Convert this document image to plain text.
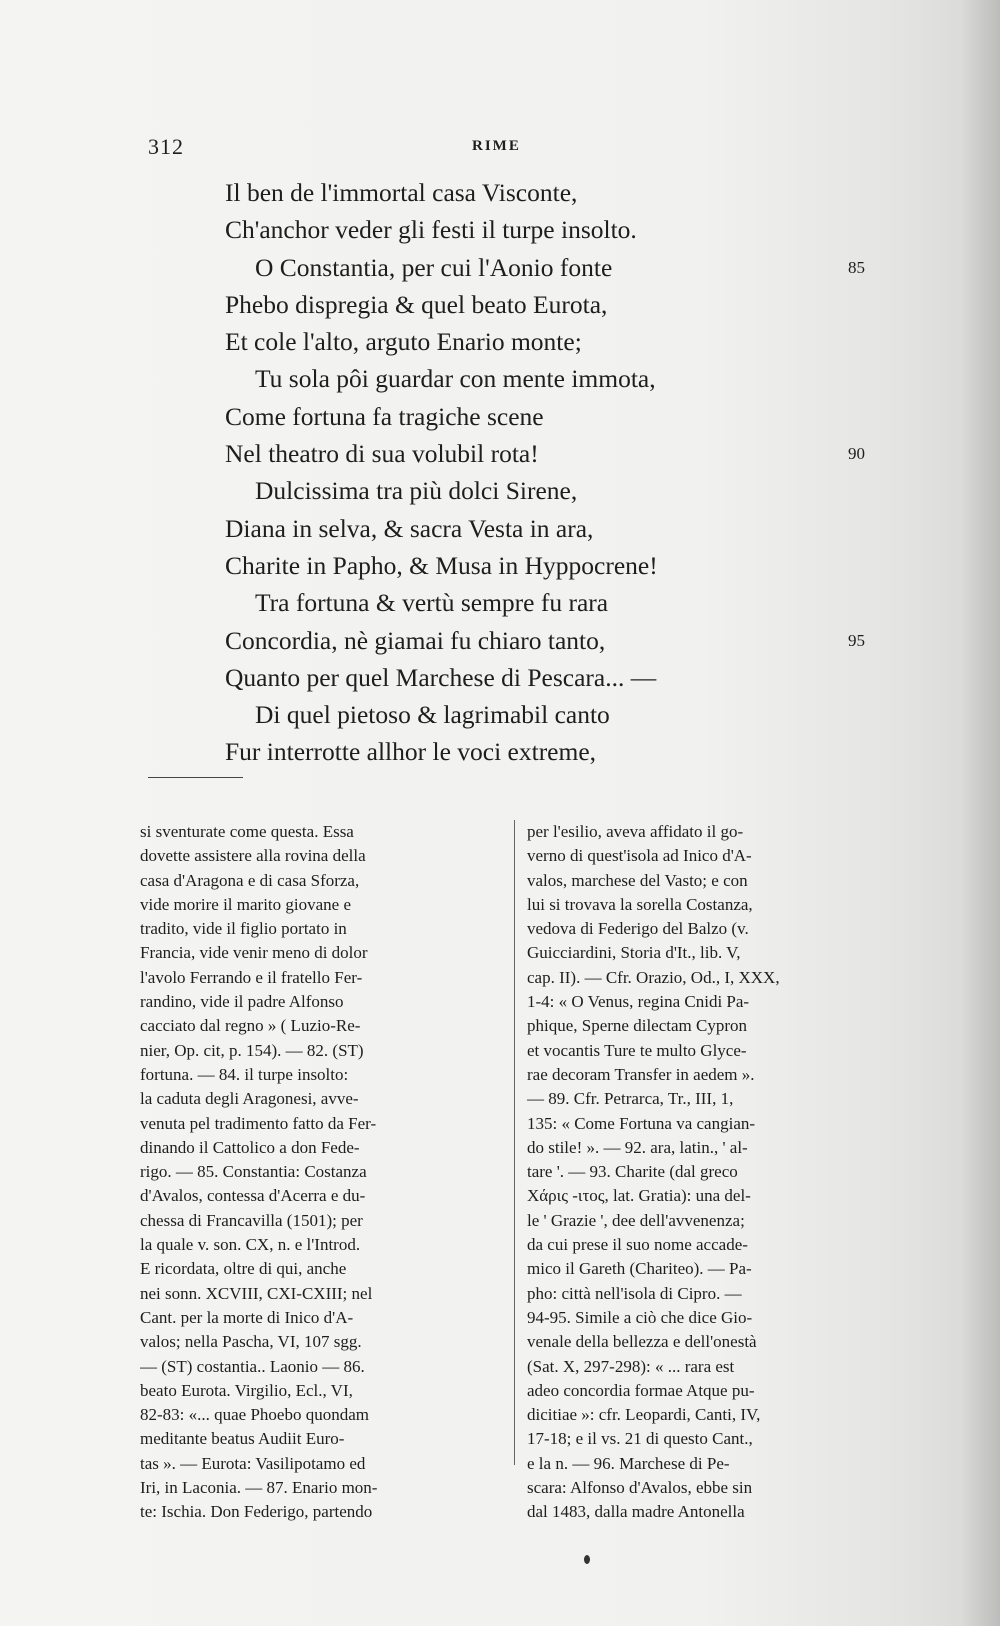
312	RIME
Il ben de l'immortal casa Visconte,
Ch'anchor veder gli festi il turpe insolto.
O Constantia, per cui l'Aonio fonte
Phebo dispregia & quel beato Eurota,
Et cole l'alto, arguto Enario monte;
Tu sola pôi guardar con mente immota,
Come fortuna fa tragiche scene
Nel theatro di sua volubil rota!
Dulcissima tra più dolci Sirene,
Diana in selva, & sacra Vesta in ara,
Charite in Papho, & Musa in Hyppocrene!
Tra fortuna & vertù sempre fu rara
Concordia, nè giamai fu chiaro tanto,
Quanto per quel Marchese di Pescara... —
Di quel pietoso & lagrimabil canto
Fur interrotte allhor le voci extreme,
85
90
95
si sventurate come questa. Essa
dovette assistere alla rovina della
casa d'Aragona e di casa Sforza,
vide morire il marito giovane e
tradito, vide il figlio portato in
Francia, vide venir meno di dolor
l'avolo Ferrando e il fratello Fer-
randino, vide il padre Alfonso
cacciato dal regno » ( Luzio-Re-
nier, Op. cit, p. 154). — 82. (ST)
fortuna. — 84. il turpe insolto:
la caduta degli Aragonesi, avve-
venuta pel tradimento fatto da Fer-
dinando il Cattolico a don Fede-
rigo. — 85. Constantia: Costanza
d'Avalos, contessa d'Acerra e du-
chessa di Francavilla (1501); per
la quale v. son. CX, n. e l'Introd.
E ricordata, oltre di qui, anche
nei sonn. XCVIII, CXI-CXIII; nel
Cant. per la morte di Inico d'A-
valos; nella Pascha, VI, 107 sgg.
— (ST) costantia.. Laonio — 86.
beato Eurota. Virgilio, Ecl., VI,
82-83: «... quae Phoebo quondam
meditante beatus Audiit Euro-
tas ». — Eurota: Vasilipotamo ed
Iri, in Laconia. — 87. Enario mon-
te: Ischia. Don Federigo, partendo
per l'esilio, aveva affidato il go-
verno di quest'isola ad Inico d'A-
valos, marchese del Vasto; e con
lui si trovava la sorella Costanza,
vedova di Federigo del Balzo (v.
Guicciardini, Storia d'It., lib. V,
cap. II). — Cfr. Orazio, Od., I, XXX,
1-4: « O Venus, regina Cnidi Pa-
phique, Sperne dilectam Cypron
et vocantis Ture te multo Glyce-
rae decoram Transfer in aedem ».
— 89. Cfr. Petrarca, Tr., III, 1,
135: « Come Fortuna va cangian-
do stile! ». — 92. ara, latin., ' al-
tare '. — 93. Charite (dal greco
Χάρις -ιτος, lat. Gratia): una del-
le ' Grazie ', dee dell'avvenenza;
da cui prese il suo nome accade-
mico il Gareth (Chariteo). — Pa-
pho: città nell'isola di Cipro. —
94-95. Simile a ciò che dice Gio-
venale della bellezza e dell'onestà
(Sat. X, 297-298): « ... rara est
adeo concordia formae Atque pu-
dicitiae »: cfr. Leopardi, Canti, IV,
17-18; e il vs. 21 di questo Cant.,
e la n. — 96. Marchese di Pe-
scara: Alfonso d'Avalos, ebbe sin
dal 1483, dalla madre Antonella
